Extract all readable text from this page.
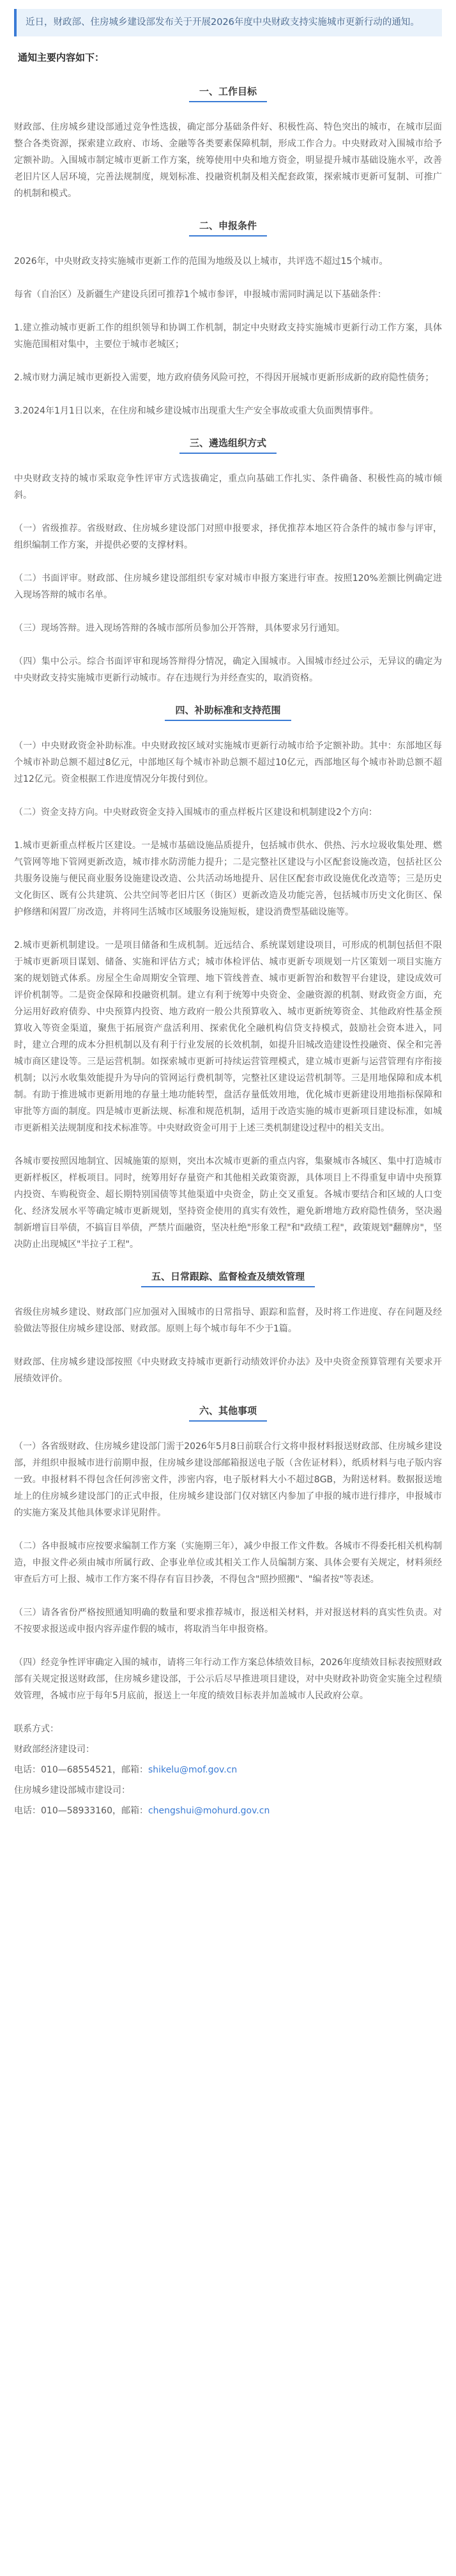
近日，财政部、住房城乡建设部发布关于开展2026年度中央财政支持实施城市更新行动的通知。
通知主要内容如下：
一、工作目标

财政部、住房城乡建设部通过竞争性选拔，确定部分基础条件好、积极性高、特色突出的城市，在城市层面整合各类资源，探索建立政府、市场、金融等各类要素保障机制，形成工作合力。中央财政对入围城市给予定额补助。入围城市制定城市更新工作方案，统筹使用中央和地方资金，明显提升城市基础设施水平，改善老旧片区人居环境，完善法规制度，规划标准、投融资机制及相关配套政策，探索城市更新可复制、可推广的机制和模式。

二、申报条件

2026年，中央财政支持实施城市更新工作的范围为地级及以上城市，共评选不超过15个城市。

每省（自治区）及新疆生产建设兵团可推荐1个城市参评，申报城市需同时满足以下基础条件：

1.建立推动城市更新工作的组织领导和协调工作机制，制定中央财政支持实施城市更新行动工作方案，具体实施范围相对集中，主要位于城市老城区；

2.城市财力满足城市更新投入需要，地方政府债务风险可控，不得因开展城市更新形成新的政府隐性债务；

3.2024年1月1日以来，在住房和城乡建设城市出现重大生产安全事故或重大负面舆情事件。

三、遴选组织方式

中央财政支持的城市采取竞争性评审方式选拔确定，重点向基础工作扎实、条件确备、积极性高的城市倾斜。

（一）省级推荐。省级财政、住房城乡建设部门对照申报要求，择优推荐本地区符合条件的城市参与评审，组织编制工作方案，并提供必要的支撑材料。

（二）书面评审。财政部、住房城乡建设部组织专家对城市申报方案进行审查。按照120%差额比例确定进入现场答辩的城市名单。

（三）现场答辩。进入现场答辩的各城市部所员参加公开答辩，具体要求另行通知。

（四）集中公示。综合书面评审和现场答辩得分情况，确定入围城市。入围城市经过公示，无异议的确定为中央财政支持实施城市更新行动城市。存在违规行为并经查实的，取消资格。

四、补助标准和支持范围

（一）中央财政资金补助标准。中央财政按区域对实施城市更新行动城市给予定额补助。其中：东部地区每个城市补助总额不超过8亿元，中部地区每个城市补助总额不超过10亿元，西部地区每个城市补助总额不超过12亿元。资金根据工作进度情况分年拨付到位。

（二）资金支持方向。中央财政资金支持入围城市的重点样板片区建设和机制建设2个方向：

1.城市更新重点样板片区建设。一是城市基础设施品质提升，包括城市供水、供热、污水垃圾收集处理、燃气管网等地下管网更新改造，城市排水防涝能力提升；二是完整社区建设与小区配套设施改造，包括社区公共服务设施与便民商业服务设施建设改造、公共活动场地提升、居住区配套市政设施优化改造等；三是历史文化街区、既有公共建筑、公共空间等老旧片区（街区）更新改造及功能完善，包括城市历史文化街区、保护修缮和闲置厂房改造，并将同生活城市区域服务设施短板，建设消费型基础设施等。

2.城市更新机制建设。一是项目储备和生成机制。近远结合、系统谋划建设项目，可形成的机制包括但不限于城市更新项目谋划、储备、实施和评估方式；城市体检评估、城市更新专项规划一片区策划一项目实施方案的规划链式体系。房屋全生命周期安全管理、地下管线普查、城市更新智治和数智平台建设，建设成效可评价机制等。二是资金保障和投融资机制。建立有利于统筹中央资金、金融资源的机制、财政资金方面，充分运用好政府债券、中央预算内投资、地方政府一般公共预算收入、城市更新统筹资金、其他政府性基金预算收入等资金渠道，聚焦于拓展资产盘活利用、探索优化全融机构信贷支持模式，鼓励社会资本进入，同时，建立合理的成本分担机制以及有利于行业发展的长效机制，如提升旧城改造建设性投融资、保全和完善城市商区建设等。三是运营机制。如探索城市更新可持续运营管理模式，建立城市更新与运营管理有序衔接机制；以污水收集效能提升为导向的管网运行费机制等，完整社区建设运营机制等。三是用地保障和成本机制。有助于推进城市更新用地的存量土地功能转型，盘活存量低效用地，优化城市更新建设用地指标保障和审批等方面的制度。四是城市更新法规、标准和规范机制，适用于改造实施的城市更新项目建设标准，如城市更新相关法规制度和技术标准等。中央财政资金可用于上述三类机制建设过程中的相关支出。

各城市要按照因地制宜、因城施策的原则，突出本次城市更新的重点内容，集聚城市各城区、集中打造城市更新样板区，样板项目。同时，统筹用好存量资产和其他相关政策资源，具体项目上不得重复申请中央预算内投资、车购税资金、超长期特别国债等其他渠道中央资金，防止交叉重复。各城市要结合和区域的人口变化、经济发展水平等确定城市更新规划，坚持资金使用的真实有效性，避免新增地方政府隐性债务，坚决遏制新增盲目举债，不搞盲目举债，严禁片面融资，坚决杜绝"形象工程"和"政绩工程"，政策规划"翻牌房"，坚决防止出现城区"半拉子工程"。

五、日常跟踪、监督检查及绩效管理

省级住房城乡建设、财政部门应加强对入围城市的日常指导、跟踪和监督，及时将工作进度、存在问题及经验做法等报住房城乡建设部、财政部。原则上每个城市每年不少于1篇。

财政部、住房城乡建设部按照《中央财政支持城市更新行动绩效评价办法》及中央资金预算管理有关要求开展绩效评价。

六、其他事项

（一）各省级财政、住房城乡建设部门需于2026年5月8日前联合行文将申报材料报送财政部、住房城乡建设部，并组织申报城市进行前期申报，住房城乡建设部邮箱报送电子版（含佐证材料），纸质材料与电子版内容一致。申报材料不得包含任何涉密文件，涉密内容，电子版材料大小不超过8GB，为附送材料。数据报送地址上的住房城乡建设部门的正式申报，住房城乡建设部门仅对辖区内参加了申报的城市进行排序，申报城市的实施方案及其他具体要求详见附件。

（二）各申报城市应按要求编制工作方案（实施期三年），减少申报工作文件数。各城市不得委托相关机构制造，申报文件必须由城市所属行政、企事业单位或其相关工作人员编制方案、具体会要有关规定，材料须经审查后方可上报、城市工作方案不得存有盲目抄袭，不得包含"照抄照搬"、"编者按"等表述。

（三）请各省份严格按照通知明确的数量和要求推荐城市，报送相关材料，并对报送材料的真实性负责。对不按要求报送或申报内容弄虚作假的城市，将取消当年申报资格。

（四）经竞争性评审确定入围的城市，请将三年行动工作方案总体绩效目标，2026年度绩效目标表按照财政部有关规定报送财政部，住房城乡建设部，于公示后尽早推进项目建设，对中央财政补助资金实施全过程绩效管理，各城市应于每年5月底前，报送上一年度的绩效目标表并加盖城市人民政府公章。

联系方式：

财政部经济建设司：

电话：010—68554521，邮箱：shikelu@mof.gov.cn

住房城乡建设部城市建设司：

电话：010—58933160，邮箱：chengshui@mohurd.gov.cn
